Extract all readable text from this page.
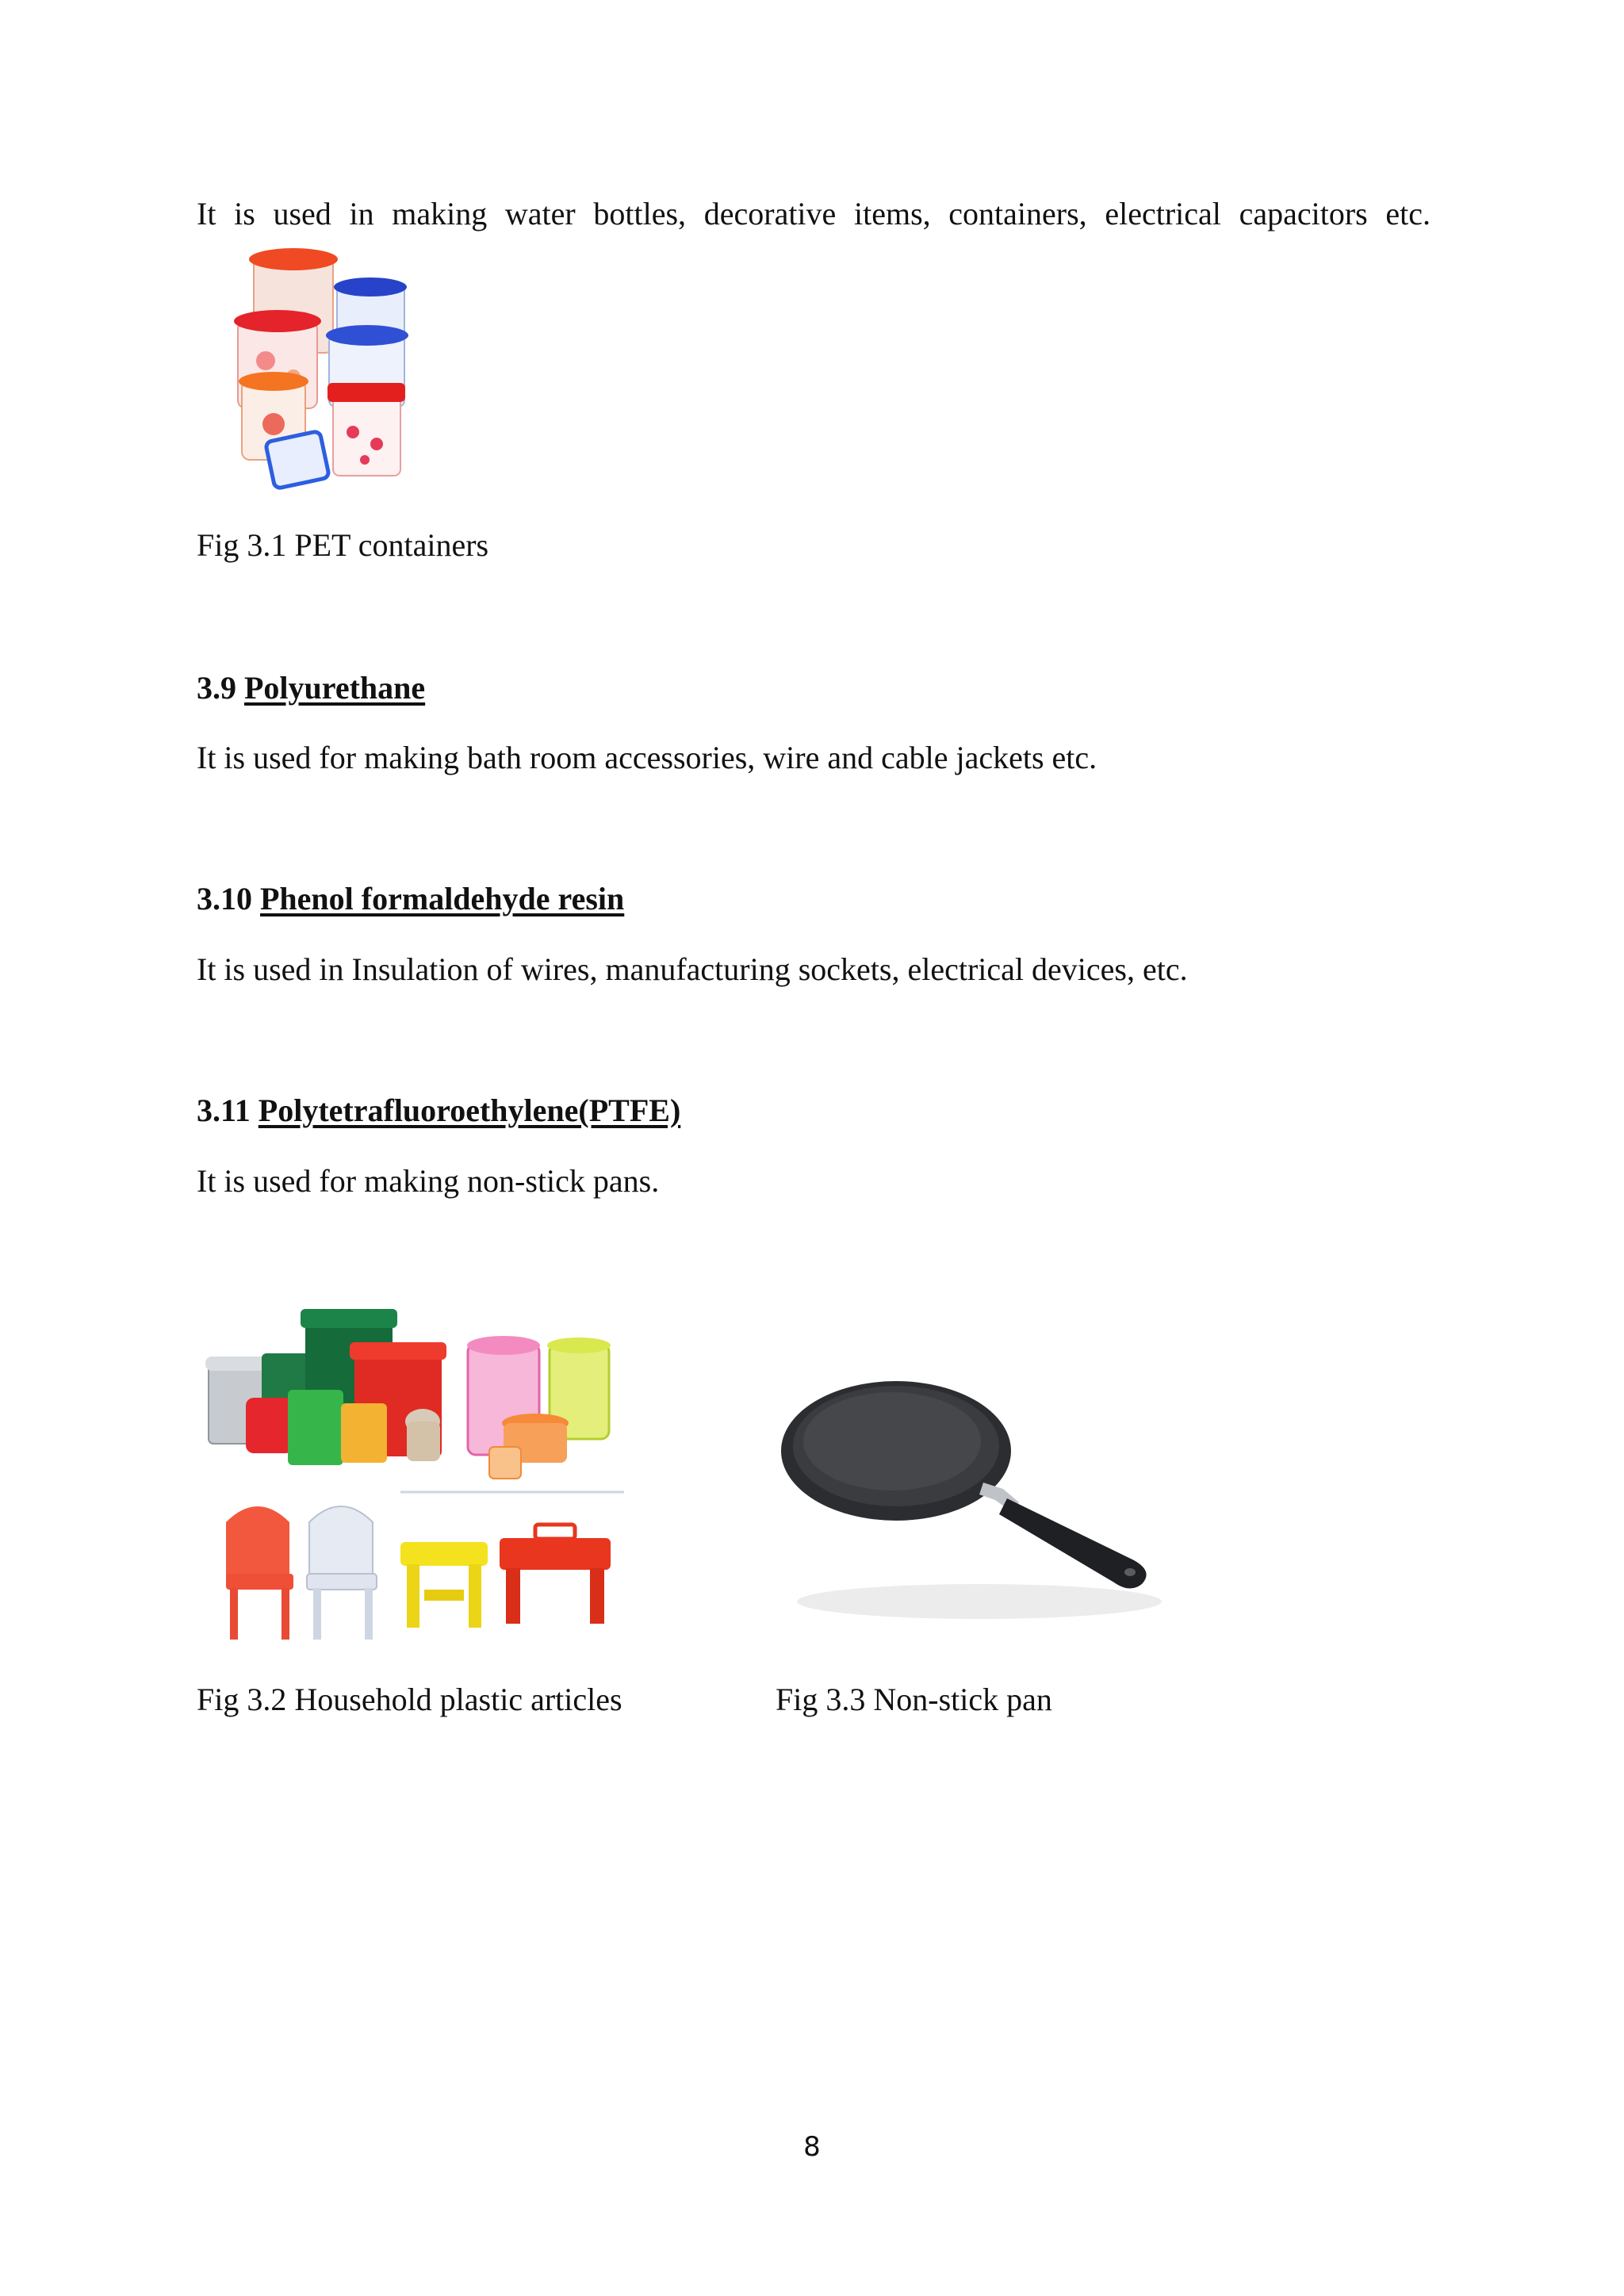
It is used in making water bottles, decorative items, containers, electrical capacitors etc.
Fig 3.1 PET containers
3.9 Polyurethane
It is used for making bath room accessories, wire and cable jackets etc.
3.10 Phenol formaldehyde resin
It is used in Insulation of wires, manufacturing sockets, electrical devices, etc.
3.11 Polytetrafluoroethylene(PTFE)
It is used for making non-stick pans.
Fig 3.2 Household plastic articles	Fig 3.3 Non-stick pan
8
